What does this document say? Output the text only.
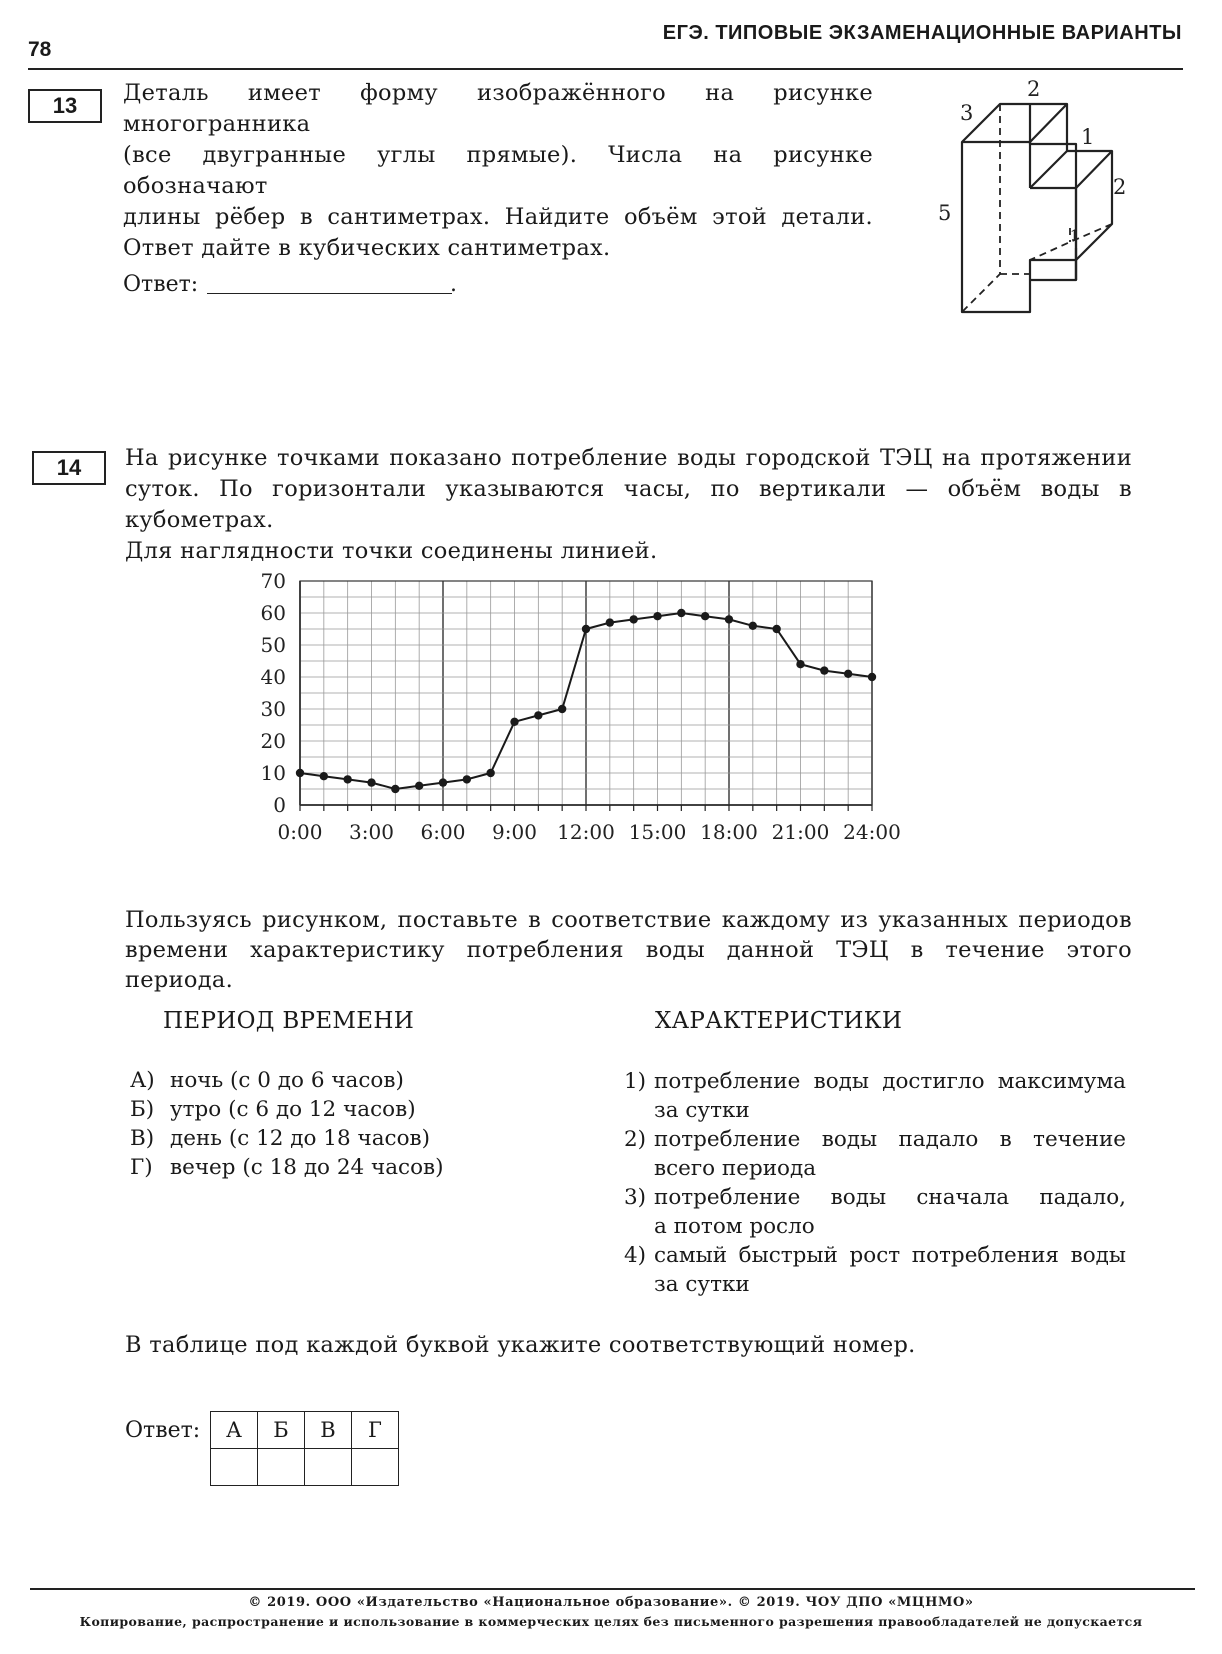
78
ЕГЭ. ТИПОВЫЕ ЭКЗАМЕНАЦИОННЫЕ ВАРИАНТЫ
13	Деталь имеет форму изображённого на рисунке многогранника
(все двугранные углы прямые). Числа на рисунке обозначают
длины рёбер в сантиметрах. Найдите объём этой детали.
Ответ дайте в кубических сантиметрах.
Ответ:	.
2
3
1
2
5
1
14	На рисунке точками показано потребление воды городской ТЭЦ на протяжении
суток. По горизонтали указываются часы, по вертикали — объём воды в кубометрах.
Для наглядности точки соединены линией.
0
10
20
30
40
50
60
70
0:00 3:00 6:00 9:00 12:00 15:00 18:00 21:00 24:00
Пользуясь рисунком, поставьте в соответствие каждому из указанных периодов
времени характеристику потребления воды данной ТЭЦ в течение этого периода.
ПЕРИОД ВРЕМЕНИ	ХАРАКТЕРИСТИКИ
А) ночь (с 0 до 6 часов)
Б) утро (с 6 до 12 часов)
В) день (с 12 до 18 часов)
Г) вечер (с 18 до 24 часов)
1) потребление воды достигло максимума
за сутки
2) потребление воды падало в течение
всего периода
3) потребление воды сначала падало,
а потом росло
4) самый быстрый рост потребления воды
за сутки
В таблице под каждой буквой укажите соответствующий номер.
Ответ: А	Б	В	Г

© 2019. ООО «Издательство «Национальное образование». © 2019. ЧОУ ДПО «МЦНМО»
Копирование, распространение и использование в коммерческих целях без письменного разрешения правообладателей не допускается
